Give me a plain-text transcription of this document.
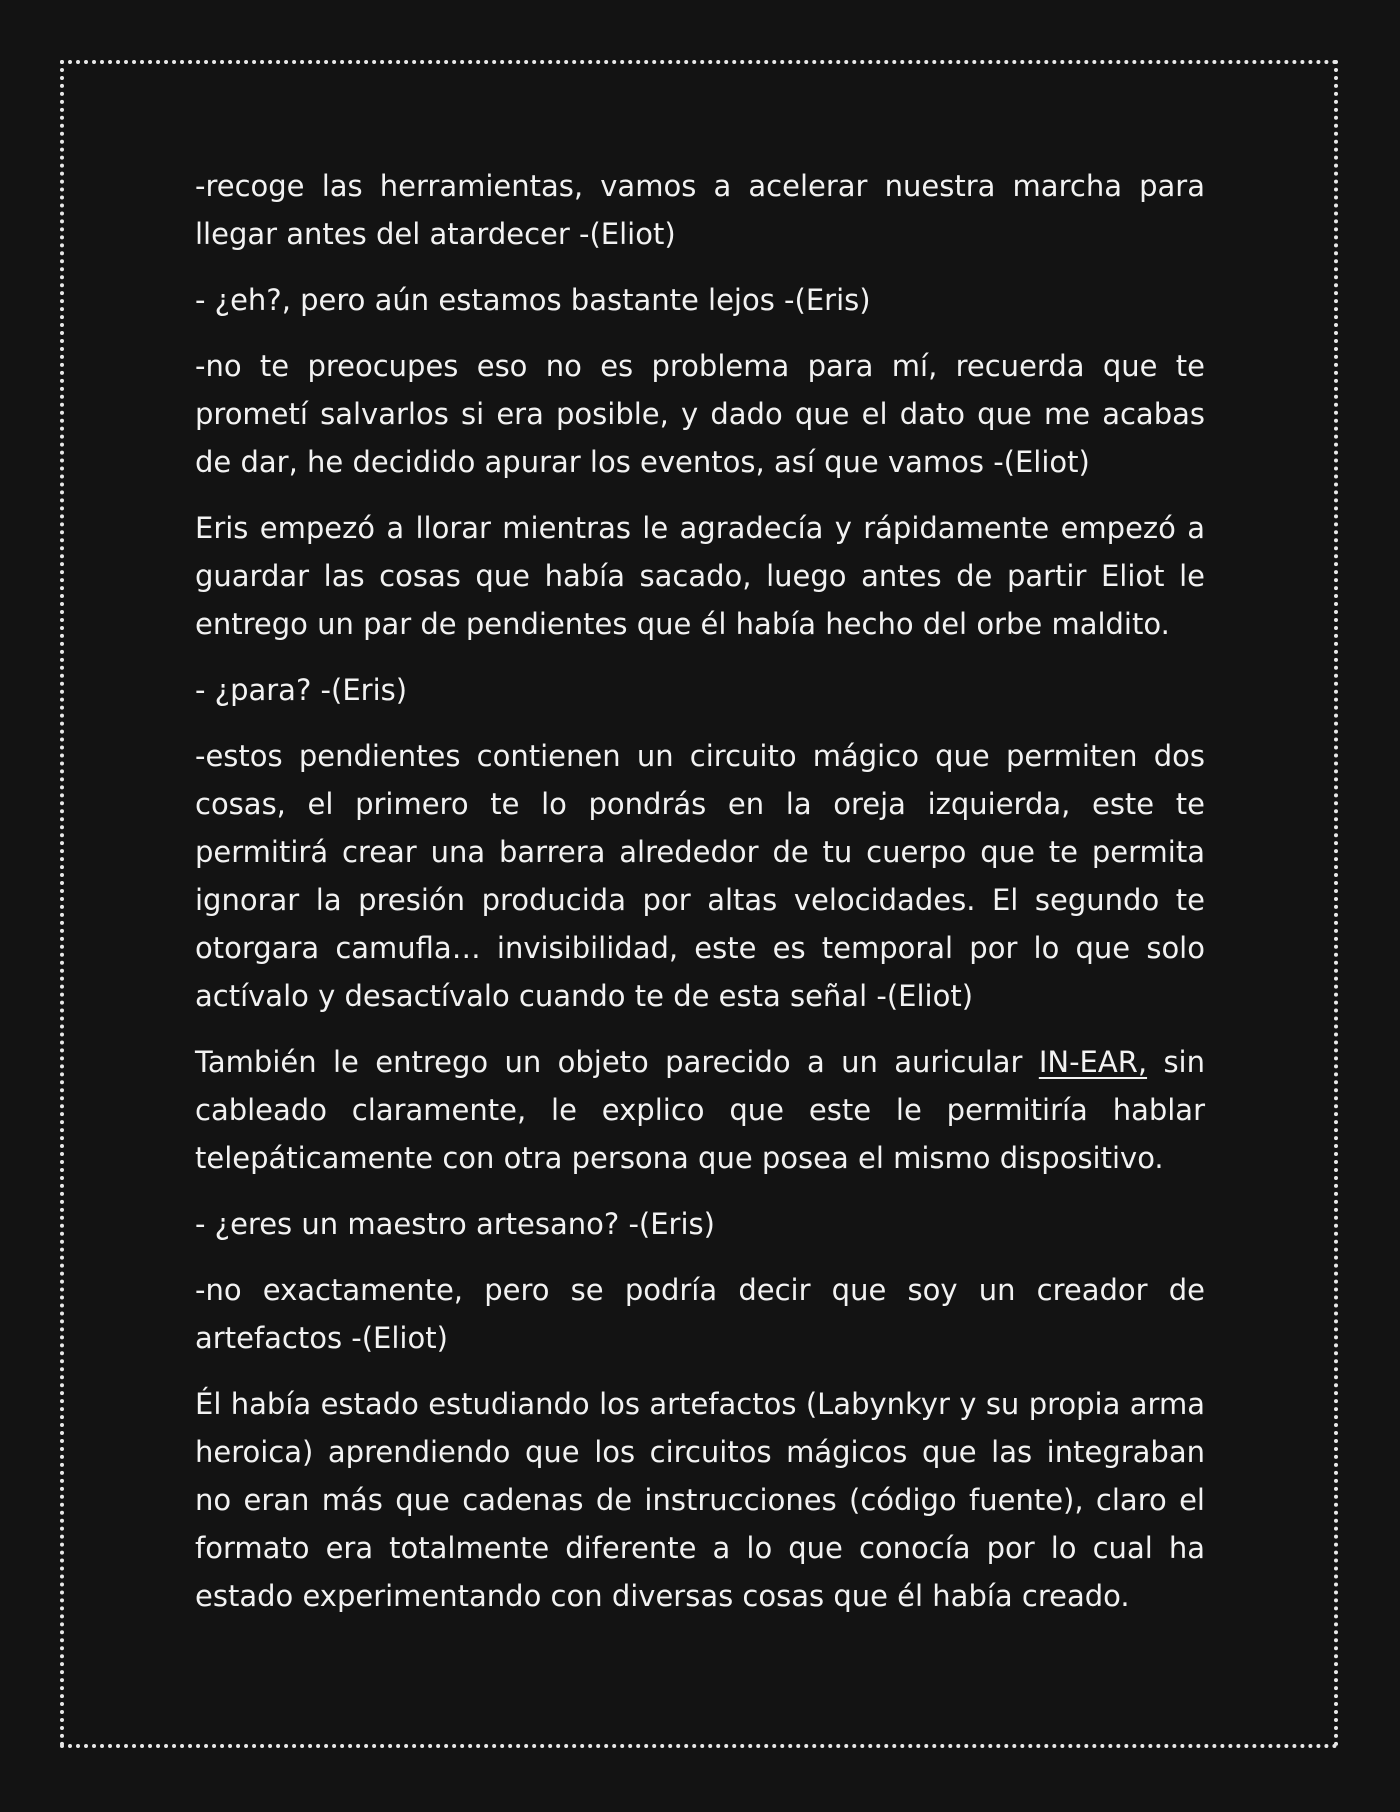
-recoge las herramientas, vamos a acelerar nuestra marcha para llegar antes del atardecer -(Eliot)

- ¿eh?, pero aún estamos bastante lejos -(Eris)

-no te preocupes eso no es problema para mí, recuerda que te prometí salvarlos si era posible, y dado que el dato que me acabas de dar, he decidido apurar los eventos, así que vamos -(Eliot)

Eris empezó a llorar mientras le agradecía y rápidamente empezó a guardar las cosas que había sacado, luego antes de partir Eliot le entrego un par de pendientes que él había hecho del orbe maldito.

- ¿para? -(Eris)

-estos pendientes contienen un circuito mágico que permiten dos cosas, el primero te lo pondrás en la oreja izquierda, este te permitirá crear una barrera alrededor de tu cuerpo que te permita ignorar la presión producida por altas velocidades. El segundo te otorgara camufla… invisibilidad, este es temporal por lo que solo actívalo y desactívalo cuando te de esta señal -(Eliot)

También le entrego un objeto parecido a un auricular IN-EAR, sin cableado claramente, le explico que este le permitiría hablar telepáticamente con otra persona que posea el mismo dispositivo.

- ¿eres un maestro artesano? -(Eris)

-no exactamente, pero se podría decir que soy un creador de artefactos -(Eliot)

Él había estado estudiando los artefactos (Labynkyr y su propia arma heroica) aprendiendo que los circuitos mágicos que las integraban no eran más que cadenas de instrucciones (código fuente), claro el formato era totalmente diferente a lo que conocía por lo cual ha estado experimentando con diversas cosas que él había creado.
